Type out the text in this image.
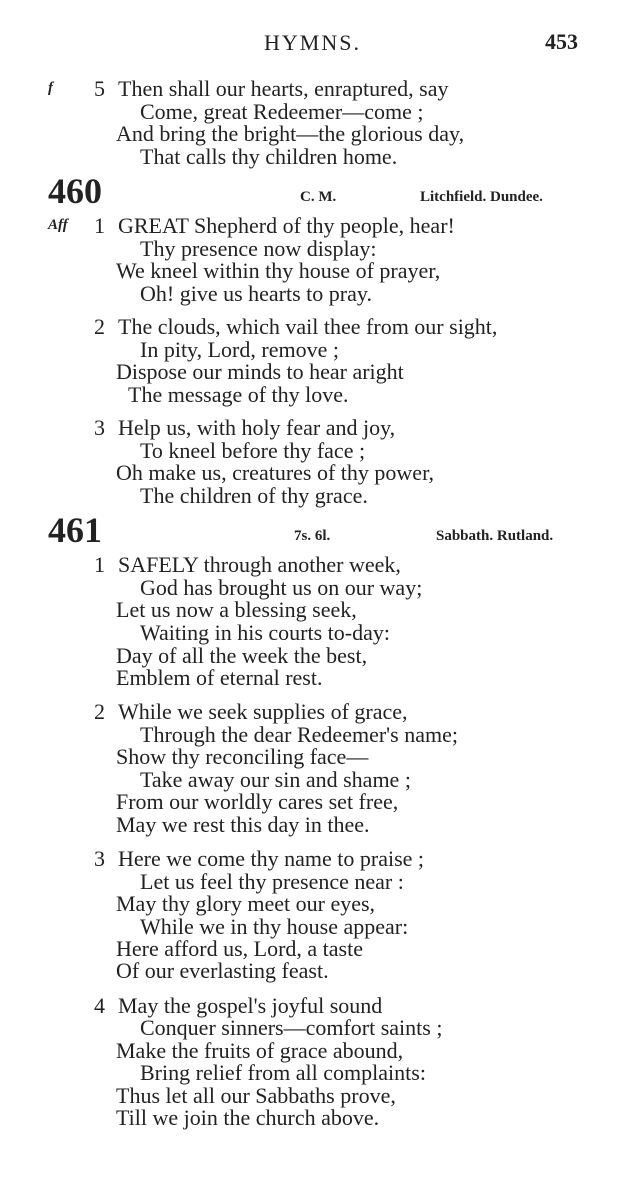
HYMNS.	453
f 5 Then shall our hearts, enraptured, say
Come, great Redeemer—come ;
And bring the bright—the glorious day,
That calls thy children home.
460	C. M.	Litchfield. Dundee.
Aff 1 GREAT Shepherd of thy people, hear!
Thy presence now display:
We kneel within thy house of prayer,
Oh! give us hearts to pray.
2 The clouds, which vail thee from our sight,
In pity, Lord, remove ;
Dispose our minds to hear aright
The message of thy love.
3 Help us, with holy fear and joy,
To kneel before thy face ;
Oh make us, creatures of thy power,
The children of thy grace.
461	7s. 6l.	Sabbath. Rutland.
1 SAFELY through another week,
God has brought us on our way;
Let us now a blessing seek,
Waiting in his courts to-day:
Day of all the week the best,
Emblem of eternal rest.
2 While we seek supplies of grace,
Through the dear Redeemer's name;
Show thy reconciling face—
Take away our sin and shame ;
From our worldly cares set free,
May we rest this day in thee.
3 Here we come thy name to praise ;
Let us feel thy presence near :
May thy glory meet our eyes,
While we in thy house appear:
Here afford us, Lord, a taste
Of our everlasting feast.
4 May the gospel's joyful sound
Conquer sinners—comfort saints ;
Make the fruits of grace abound,
Bring relief from all complaints:
Thus let all our Sabbaths prove,
Till we join the church above.
